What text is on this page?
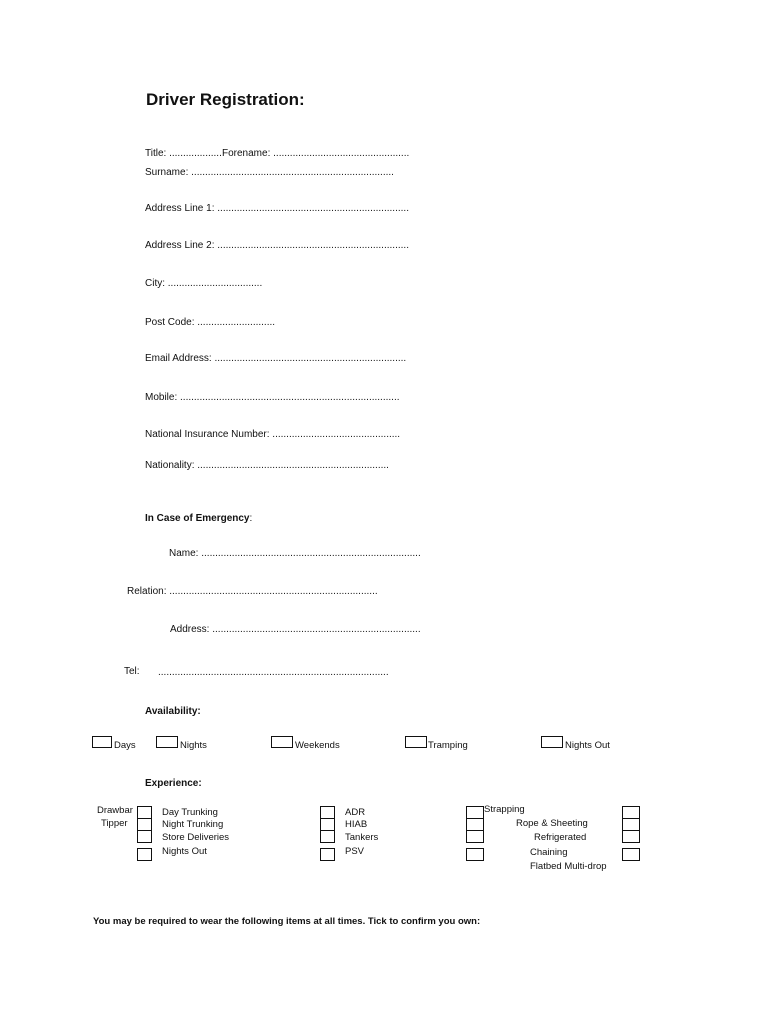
Driver Registration:
Title: ................... Forename: .................................................
Surname: .........................................................................
Address Line 1: .....................................................................
Address Line 2: .....................................................................
City: ..................................
Post Code: ............................
Email Address: .....................................................................
Mobile: ...............................................................................
National Insurance Number: ..............................................
Nationality: .....................................................................
In Case of Emergency:
Name: ...............................................................................
Relation: ...........................................................................
Address: ...........................................................................
Tel: ...................................................................................
Availability:
Days	Nights	Weekends	Tramping	Nights Out
Experience:
Drawbar
Tipper
Day Trunking
Night Trunking
Store Deliveries
Nights Out
ADR
HIAB
Tankers
PSV
Strapping
Rope & Sheeting
Refrigerated
Chaining
Flatbed Multi-drop
You may be required to wear the following items at all times. Tick to confirm you own:
